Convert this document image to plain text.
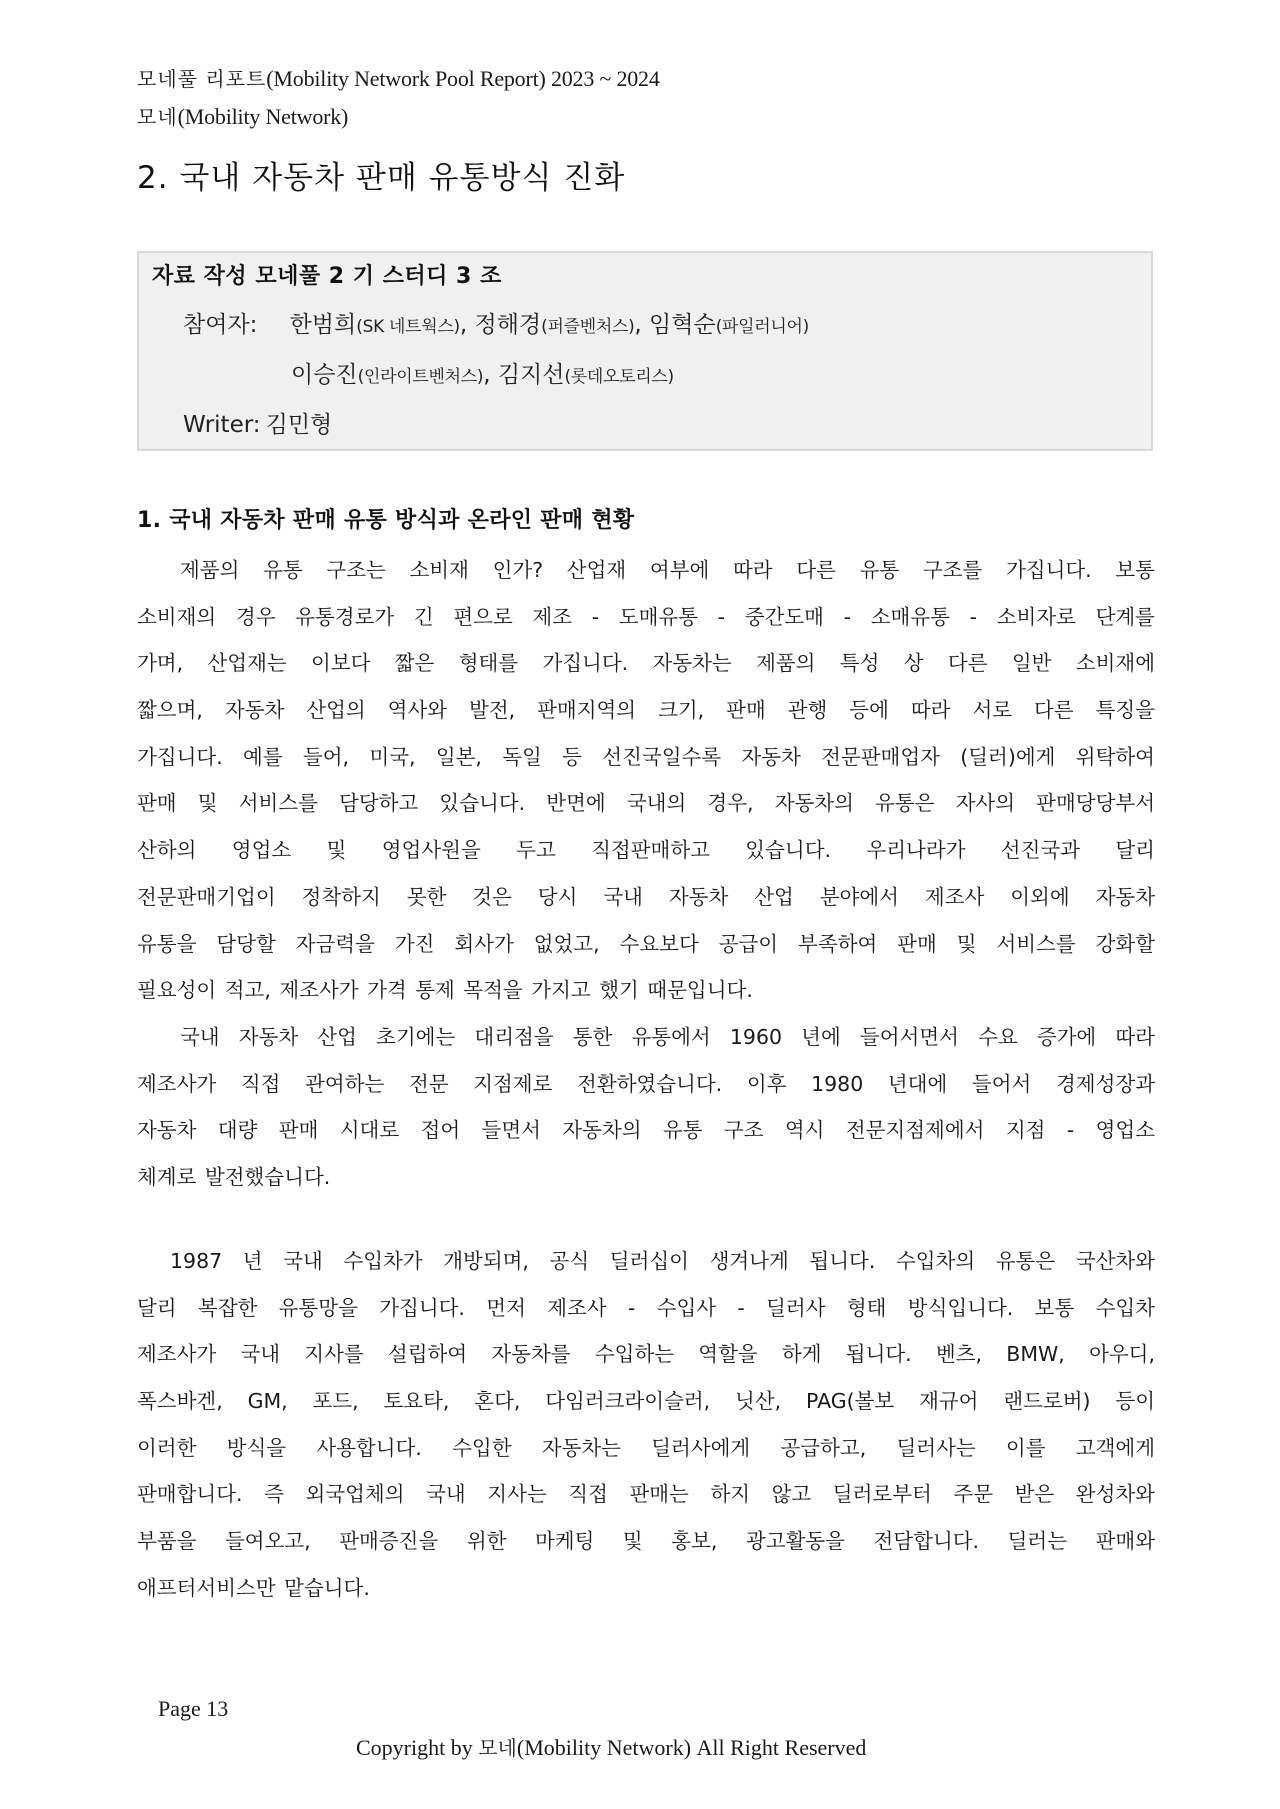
모네풀 리포트(Mobility Network Pool Report) 2023 ~ 2024
모네(Mobility Network)
2. 국내 자동차 판매 유통방식 진화
자료 작성 모네풀 2 기 스터디 3 조
참여자: 한범희(SK 네트웍스), 정해경(퍼즐벤처스), 임혁순(파일러니어)
이승진(인라이트벤처스), 김지선(롯데오토리스)
Writer: 김민형
1. 국내 자동차 판매 유통 방식과 온라인 판매 현황
제품의 유통 구조는 소비재 인가? 산업재 여부에 따라 다른 유통 구조를 가집니다. 보통
소비재의 경우 유통경로가 긴 편으로 제조 - 도매유통 - 중간도매 - 소매유통 - 소비자로 단계를
가며, 산업재는 이보다 짧은 형태를 가집니다. 자동차는 제품의 특성 상 다른 일반 소비재에
짧으며, 자동차 산업의 역사와 발전, 판매지역의 크기, 판매 관행 등에 따라 서로 다른 특징을
가집니다. 예를 들어, 미국, 일본, 독일 등 선진국일수록 자동차 전문판매업자 (딜러)에게 위탁하여
판매 및 서비스를 담당하고 있습니다. 반면에 국내의 경우, 자동차의 유통은 자사의 판매당당부서
산하의 영업소 및 영업사원을 두고 직접판매하고 있습니다. 우리나라가 선진국과 달리
전문판매기업이 정착하지 못한 것은 당시 국내 자동차 산업 분야에서 제조사 이외에 자동차
유통을 담당할 자금력을 가진 회사가 없었고, 수요보다 공급이 부족하여 판매 및 서비스를 강화할
필요성이 적고, 제조사가 가격 통제 목적을 가지고 했기 때문입니다.
국내 자동차 산업 초기에는 대리점을 통한 유통에서 1960 년에 들어서면서 수요 증가에 따라
제조사가 직접 관여하는 전문 지점제로 전환하였습니다. 이후 1980 년대에 들어서 경제성장과
자동차 대량 판매 시대로 접어 들면서 자동차의 유통 구조 역시 전문지점제에서 지점 - 영업소
체계로 발전했습니다.
1987 년 국내 수입차가 개방되며, 공식 딜러십이 생겨나게 됩니다. 수입차의 유통은 국산차와
달리 복잡한 유통망을 가집니다. 먼저 제조사 - 수입사 - 딜러사 형태 방식입니다. 보통 수입차
제조사가 국내 지사를 설립하여 자동차를 수입하는 역할을 하게 됩니다. 벤츠, BMW, 아우디,
폭스바겐, GM, 포드, 토요타, 혼다, 다임러크라이슬러, 닛산, PAG(볼보 재규어 랜드로버) 등이
이러한 방식을 사용합니다. 수입한 자동차는 딜러사에게 공급하고, 딜러사는 이를 고객에게
판매합니다. 즉 외국업체의 국내 지사는 직접 판매는 하지 않고 딜러로부터 주문 받은 완성차와
부품을 들여오고, 판매증진을 위한 마케팅 및 홍보, 광고활동을 전담합니다. 딜러는 판매와
애프터서비스만 맡습니다.
Page 13
Copyright by 모네(Mobility Network) All Right Reserved
